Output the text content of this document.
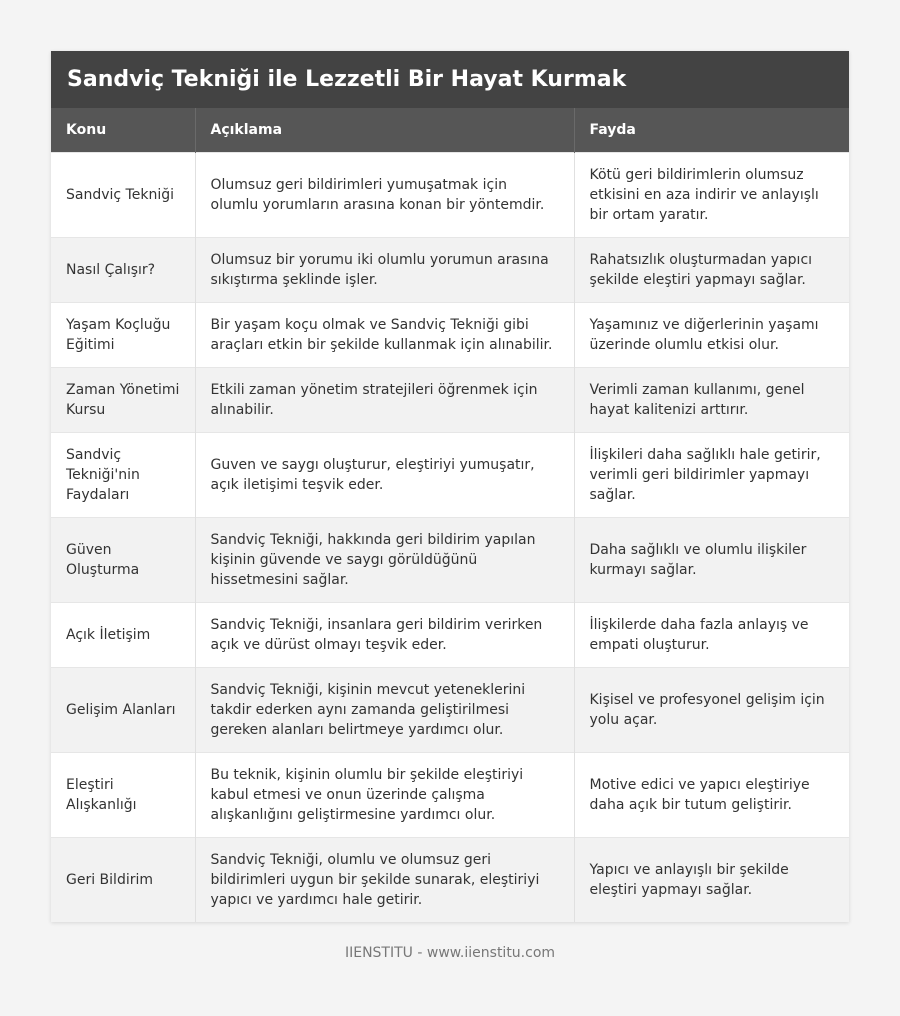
Sandviç Tekniği ile Lezzetli Bir Hayat Kurmak
Konu	Açıklama	Fayda
Sandviç Tekniği	Olumsuz geri bildirimleri yumuşatmak için olumlu yorumların arasına konan bir yöntemdir.	Kötü geri bildirimlerin olumsuz etkisini en aza indirir ve anlayışlı bir ortam yaratır.
Nasıl Çalışır?	Olumsuz bir yorumu iki olumlu yorumun arasına sıkıştırma şeklinde işler.	Rahatsızlık oluşturmadan yapıcı şekilde eleştiri yapmayı sağlar.
Yaşam Koçluğu Eğitimi	Bir yaşam koçu olmak ve Sandviç Tekniği gibi araçları etkin bir şekilde kullanmak için alınabilir.	Yaşamınız ve diğerlerinin yaşamı üzerinde olumlu etkisi olur.
Zaman Yönetimi Kursu	Etkili zaman yönetim stratejileri öğrenmek için alınabilir.	Verimli zaman kullanımı, genel hayat kalitenizi arttırır.
Sandviç Tekniği'nin Faydaları	Guven ve saygı oluşturur, eleştiriyi yumuşatır, açık iletişimi teşvik eder.	İlişkileri daha sağlıklı hale getirir, verimli geri bildirimler yapmayı sağlar.
Güven Oluşturma	Sandviç Tekniği, hakkında geri bildirim yapılan kişinin güvende ve saygı görüldüğünü hissetmesini sağlar.	Daha sağlıklı ve olumlu ilişkiler kurmayı sağlar.
Açık İletişim	Sandviç Tekniği, insanlara geri bildirim verirken açık ve dürüst olmayı teşvik eder.	İlişkilerde daha fazla anlayış ve empati oluşturur.
Gelişim Alanları	Sandviç Tekniği, kişinin mevcut yeteneklerini takdir ederken aynı zamanda geliştirilmesi gereken alanları belirtmeye yardımcı olur.	Kişisel ve profesyonel gelişim için yolu açar.
Eleştiri Alışkanlığı	Bu teknik, kişinin olumlu bir şekilde eleştiriyi kabul etmesi ve onun üzerinde çalışma alışkanlığını geliştirmesine yardımcı olur.	Motive edici ve yapıcı eleştiriye daha açık bir tutum geliştirir.
Geri Bildirim	Sandviç Tekniği, olumlu ve olumsuz geri bildirimleri uygun bir şekilde sunarak, eleştiriyi yapıcı ve yardımcı hale getirir.	Yapıcı ve anlayışlı bir şekilde eleştiri yapmayı sağlar.
IIENSTITU - www.iienstitu.com
